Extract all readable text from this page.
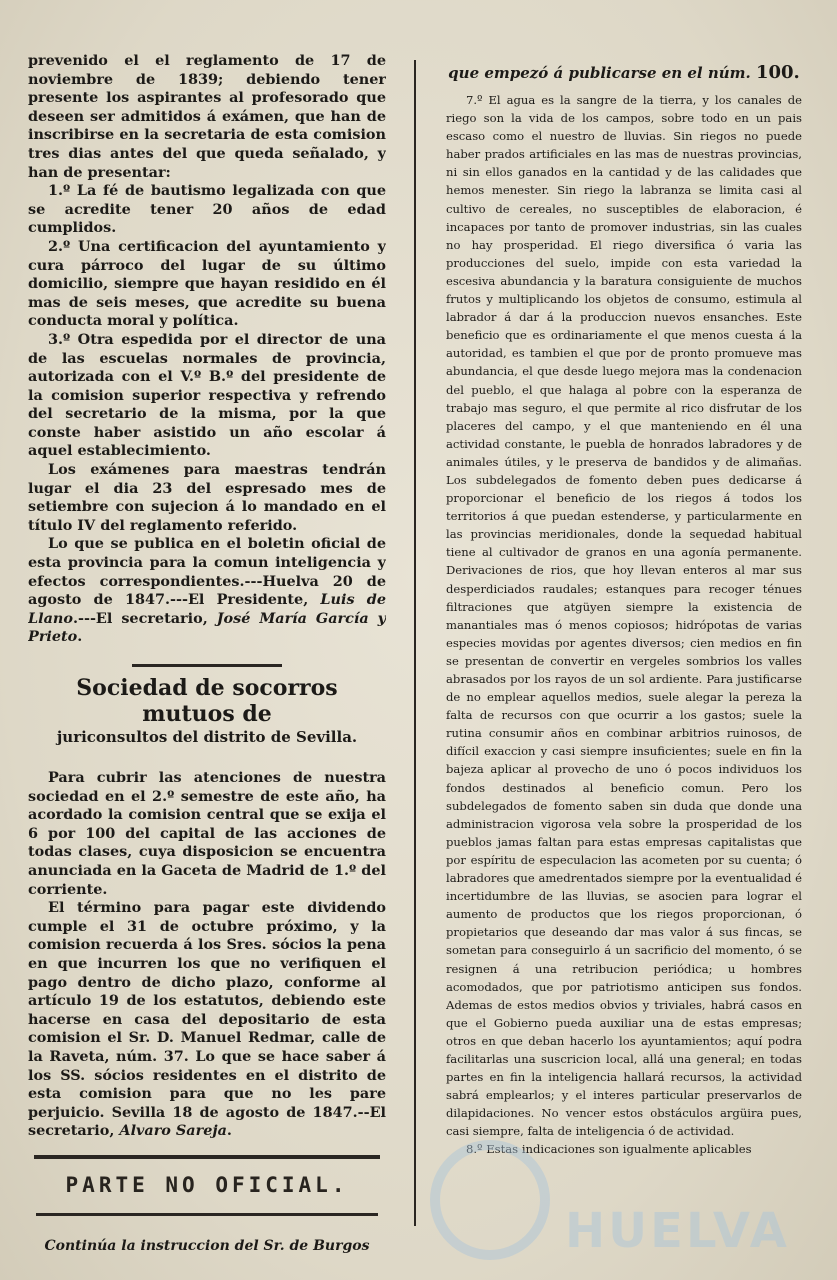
prevenido el el reglamento de 17 de noviembre de 1839; debiendo tener presente los aspirantes al profesorado que deseen ser admitidos á exámen, que han de inscribirse en la secretaria de esta comision tres dias antes del que queda señalado, y han de presentar:

1.º La fé de bautismo legalizada con que se acredite tener 20 años de edad cumplidos.

2.º Una certificacion del ayuntamiento y cura párroco del lugar de su último domicilio, siempre que hayan residido en él mas de seis meses, que acredite su buena conducta moral y política.

3.º Otra espedida por el director de una de las escuelas normales de provincia, autorizada con el V.º B.º del presidente de la comision superior respectiva y refrendo del secretario de la misma, por la que conste haber asistido un año escolar á aquel establecimiento.

Los exámenes para maestras tendrán lugar el dia 23 del espresado mes de setiembre con sujecion á lo mandado en el título IV del reglamento referido.

Lo que se publica en el boletin oficial de esta provincia para la comun inteligencia y efectos correspondientes.---Huelva 20 de agosto de 1847.---El Presidente, Luis de Llano.---El secretario, José María García y Prieto.

Sociedad de socorros mutuos de
juriconsultos del distrito de Sevilla.

Para cubrir las atenciones de nuestra sociedad en el 2.º semestre de este año, ha acordado la comision central que se exija el 6 por 100 del capital de las acciones de todas clases, cuya disposicion se encuentra anunciada en la Gaceta de Madrid de 1.º del corriente.

El término para pagar este dividendo cumple el 31 de octubre próximo, y la comision recuerda á los Sres. sócios la pena en que incurren los que no verifiquen el pago dentro de dicho plazo, conforme al artículo 19 de los estatutos, debiendo este hacerse en casa del depositario de esta comision el Sr. D. Manuel Redmar, calle de la Raveta, núm. 37. Lo que se hace saber á los SS. sócios residentes en el distrito de esta comision para que no les pare perjuicio. Sevilla 18 de agosto de 1847.--El secretario, Alvaro Sareja.

PARTE NO OFICIAL.
Continúa la instruccion del Sr. de Burgos
que empezó á publicarse en el núm. 100.

7.º El agua es la sangre de la tierra, y los canales de riego son la vida de los campos, sobre todo en un pais escaso como el nuestro de lluvias. Sin riegos no puede haber prados artificiales en las mas de nuestras provincias, ni sin ellos ganados en la cantidad y de las calidades que hemos menester. Sin riego la labranza se limita casi al cultivo de cereales, no susceptibles de elaboracion, é incapaces por tanto de promover industrias, sin las cuales no hay prosperidad. El riego diversifica ó varia las producciones del suelo, impide con esta variedad la escesiva abundancia y la baratura consiguiente de muchos frutos y multiplicando los objetos de consumo, estimula al labrador á dar á la produccion nuevos ensanches. Este beneficio que es ordinariamente el que menos cuesta á la autoridad, es tambien el que por de pronto promueve mas abundancia, el que desde luego mejora mas la condenacion del pueblo, el que halaga al pobre con la esperanza de trabajo mas seguro, el que permite al rico disfrutar de los placeres del campo, y el que manteniendo en él una actividad constante, le puebla de honrados labradores y de animales útiles, y le preserva de bandidos y de alimañas. Los subdelegados de fomento deben pues dedicarse á proporcionar el beneficio de los riegos á todos los territorios á que puedan estenderse, y particularmente en las provincias meridionales, donde la sequedad habitual tiene al cultivador de granos en una agonía permanente. Derivaciones de rios, que hoy llevan enteros al mar sus desperdiciados raudales; estanques para recoger ténues filtraciones que atgüyen siempre la existencia de manantiales mas ó menos copiosos; hidrópotas de varias especies movidas por agentes diversos; cien medios en fin se presentan de convertir en vergeles sombrios los valles abrasados por los rayos de un sol ardiente. Para justificarse de no emplear aquellos medios, suele alegar la pereza la falta de recursos con que ocurrir a los gastos; suele la rutina consumir años en combinar arbitrios ruinosos, de difícil exaccion y casi siempre insuficientes; suele en fin la bajeza aplicar al provecho de uno ó pocos individuos los fondos destinados al beneficio comun. Pero los subdelegados de fomento saben sin duda que donde una administracion vigorosa vela sobre la prosperidad de los pueblos jamas faltan para estas empresas capitalistas que por espíritu de especulacion las acometen por su cuenta; ó labradores que amedrentados siempre por la eventualidad é incertidumbre de las lluvias, se asocien para lograr el aumento de productos que los riegos proporcionan, ó propietarios que deseando dar mas valor á sus fincas, se sometan para conseguirlo á un sacrificio del momento, ó se resignen á una retribucion periódica; u hombres acomodados, que por patriotismo anticipen sus fondos. Ademas de estos medios obvios y triviales, habrá casos en que el Gobierno pueda auxiliar una de estas empresas; otros en que deban hacerlo los ayuntamientos; aquí podra facilitarlas una suscricion local, allá una general; en todas partes en fin la inteligencia hallará recursos, la actividad sabrá emplearlos; y el interes particular preservarlos de dilapidaciones. No vencer estos obstáculos argüira pues, casi siempre, falta de inteligencia ó de actividad.

8.º Estas indicaciones son igualmente aplicables

HUELVA
